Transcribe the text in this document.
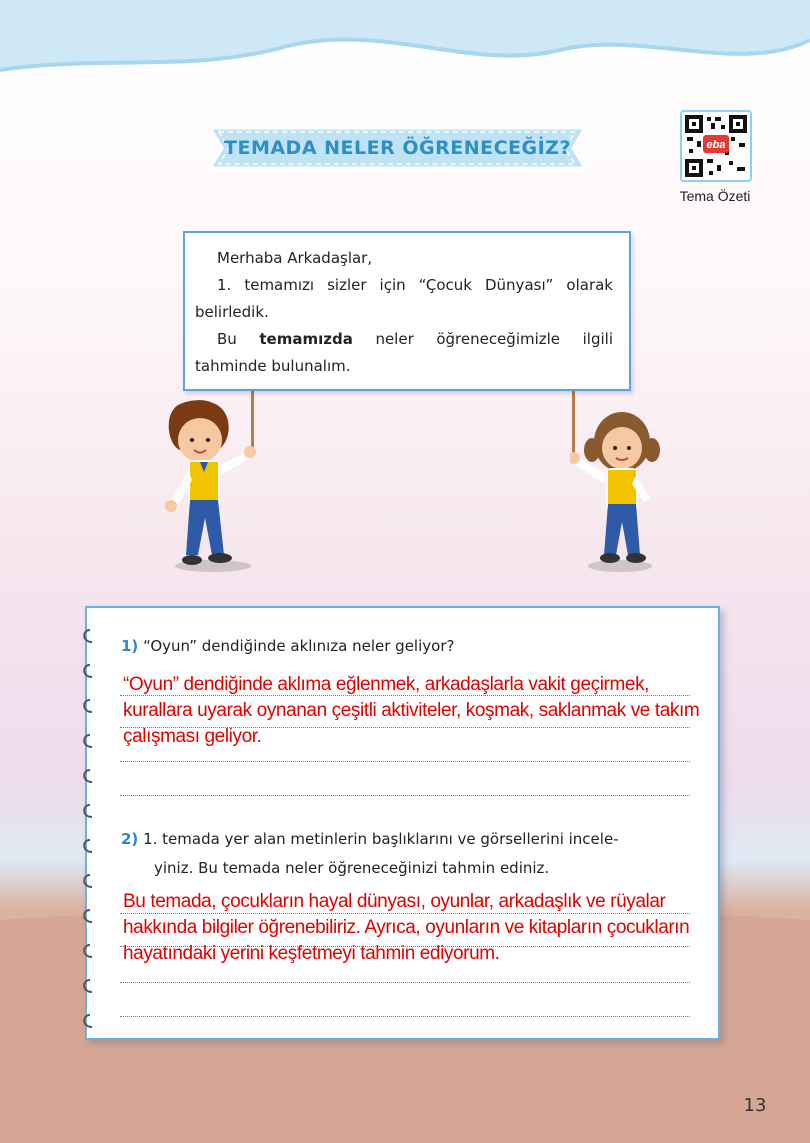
TEMADA NELER ÖĞRENECEĞİZ?	eba
Tema Özeti

Merhaba Arkadaşlar,

1. temamızı sizler için “Çocuk Dünyası” olarak belirledik.

Bu temamızda neler öğreneceğimizle ilgili tahminde bulunalım.

1) “Oyun” dendiğinde aklınıza neler geliyor?
“Oyun” dendiğinde aklıma eğlenmek, arkadaşlarla vakit geçirmek, kurallara uyarak oynanan çeşitli aktiviteler, koşmak, saklanmak ve takım çalışması geliyor.
2) 1. temada yer alan metinlerin başlıklarını ve görsellerini incele-
yiniz. Bu temada neler öğreneceğinizi tahmin ediniz.
Bu temada, çocukların hayal dünyası, oyunlar, arkadaşlık ve rüyalar hakkında bilgiler öğrenebiliriz. Ayrıca, oyunların ve kitapların çocukların hayatındaki yerini keşfetmeyi tahmin ediyorum.
13
